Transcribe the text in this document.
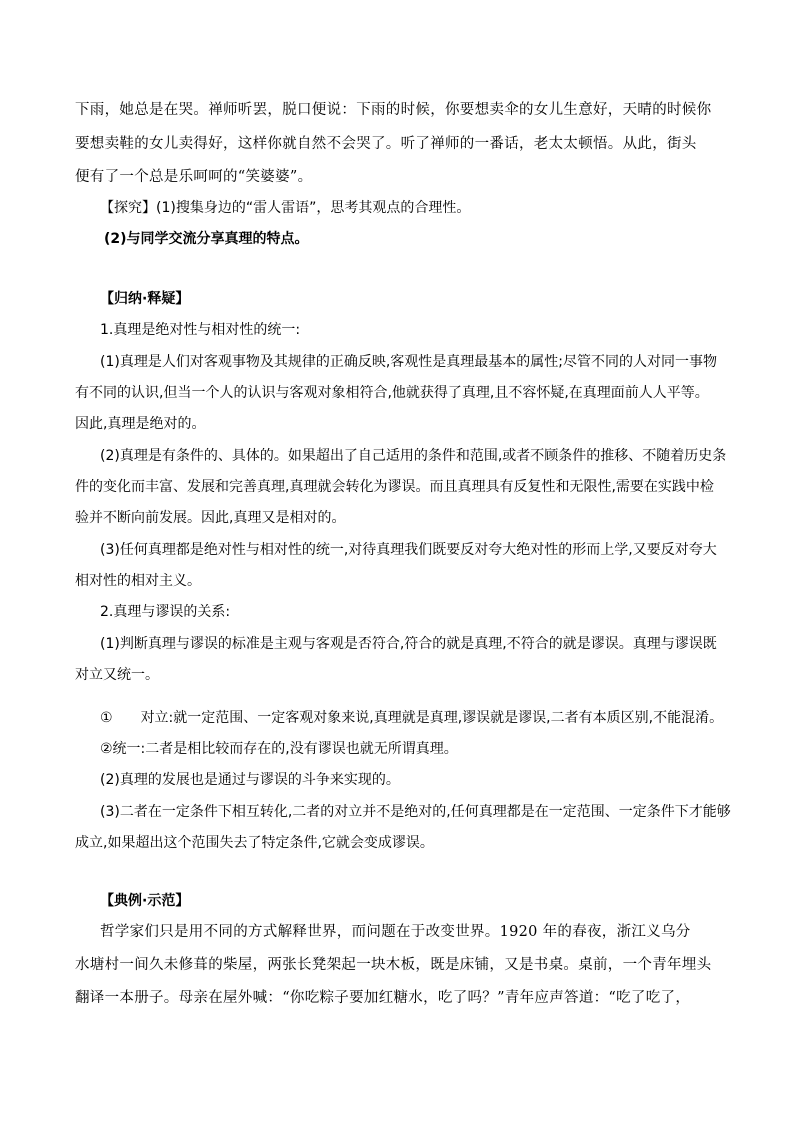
下雨，她总是在哭。禅师听罢，脱口便说：下雨的时候，你要想卖伞的女儿生意好，天晴的时候你
要想卖鞋的女儿卖得好，这样你就自然不会哭了。听了禅师的一番话，老太太顿悟。从此，街头
便有了一个总是乐呵呵的“笑婆婆”。
【探究】(1)搜集身边的“雷人雷语”，思考其观点的合理性。
(2)与同学交流分享真理的特点。
【归纳·释疑】
1.真理是绝对性与相对性的统一:
(1)真理是人们对客观事物及其规律的正确反映,客观性是真理最基本的属性;尽管不同的人对同一事物
有不同的认识,但当一个人的认识与客观对象相符合,他就获得了真理,且不容怀疑,在真理面前人人平等。
因此,真理是绝对的。
(2)真理是有条件的、具体的。如果超出了自己适用的条件和范围,或者不顾条件的推移、不随着历史条
件的变化而丰富、发展和完善真理,真理就会转化为谬误。而且真理具有反复性和无限性,需要在实践中检
验并不断向前发展。因此,真理又是相对的。
(3)任何真理都是绝对性与相对性的统一,对待真理我们既要反对夸大绝对性的形而上学,又要反对夸大
相对性的相对主义。
2.真理与谬误的关系:
(1)判断真理与谬误的标准是主观与客观是否符合,符合的就是真理,不符合的就是谬误。真理与谬误既
对立又统一。
① 对立:就一定范围、一定客观对象来说,真理就是真理,谬误就是谬误,二者有本质区别,不能混淆。
②统一:二者是相比较而存在的,没有谬误也就无所谓真理。
(2)真理的发展也是通过与谬误的斗争来实现的。
(3)二者在一定条件下相互转化,二者的对立并不是绝对的,任何真理都是在一定范围、一定条件下才能够
成立,如果超出这个范围失去了特定条件,它就会变成谬误。
【典例·示范】
哲学家们只是用不同的方式解释世界，而问题在于改变世界。1920 年的春夜，浙江义乌分
水塘村一间久未修葺的柴屋，两张长凳架起一块木板，既是床铺，又是书桌。桌前，一个青年埋头
翻译一本册子。母亲在屋外喊：“你吃粽子要加红糖水，吃了吗？”青年应声答道：“吃了吃了，
